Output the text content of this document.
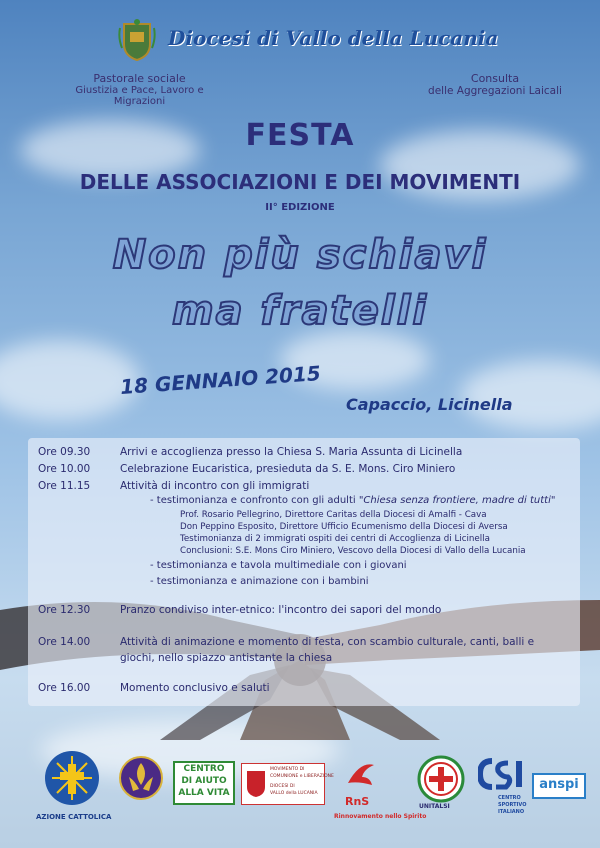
Diocesi di Vallo della Lucania
Pastorale sociale
Giustizia e Pace, Lavoro e Migrazioni
Consulta
delle Aggregazioni Laicali
FESTA
DELLE ASSOCIAZIONI E DEI MOVIMENTI
II° EDIZIONE
Non più schiavi
ma fratelli
18 GENNAIO 2015
Capaccio, Licinella
Ore 09.30	Arrivi e accoglienza presso la Chiesa S. Maria Assunta di Licinella
Ore 10.00	Celebrazione Eucaristica, presieduta da S. E. Mons. Ciro Miniero
Ore 11.15	Attività di incontro con gli immigrati
- testimonianza e confronto con gli adulti "Chiesa senza frontiere, madre di tutti"
Prof. Rosario Pellegrino, Direttore Caritas della Diocesi di Amalfi - Cava
Don Peppino Esposito, Direttore Ufficio Ecumenismo della Diocesi di Aversa
Testimonianza di 2 immigrati ospiti dei centri di Accoglienza di Licinella
Conclusioni: S.E. Mons Ciro Miniero, Vescovo della Diocesi di Vallo della Lucania
- testimonianza e tavola multimediale con i giovani
- testimonianza e animazione con i bambini
Ore 12.30	Pranzo condiviso inter-etnico: l'incontro dei sapori del mondo
Ore 14.00	Attività di animazione e momento di festa, con scambio culturale, canti, balli e
giochi, nello spiazzo antistante la chiesa
Ore 16.00	Momento conclusivo e saluti
AZIONE CATTOLICA
CENTRO
DI AIUTO
ALLA VITA
MOVIMENTO DI
COMUNIONE e LIBERAZIONE
DIOCESI DI
VALLO della LUCANIA
RnS
Rinnovamento nello Spirito
UNITALSI
CENTRO
SPORTIVO
ITALIANO
anspi
